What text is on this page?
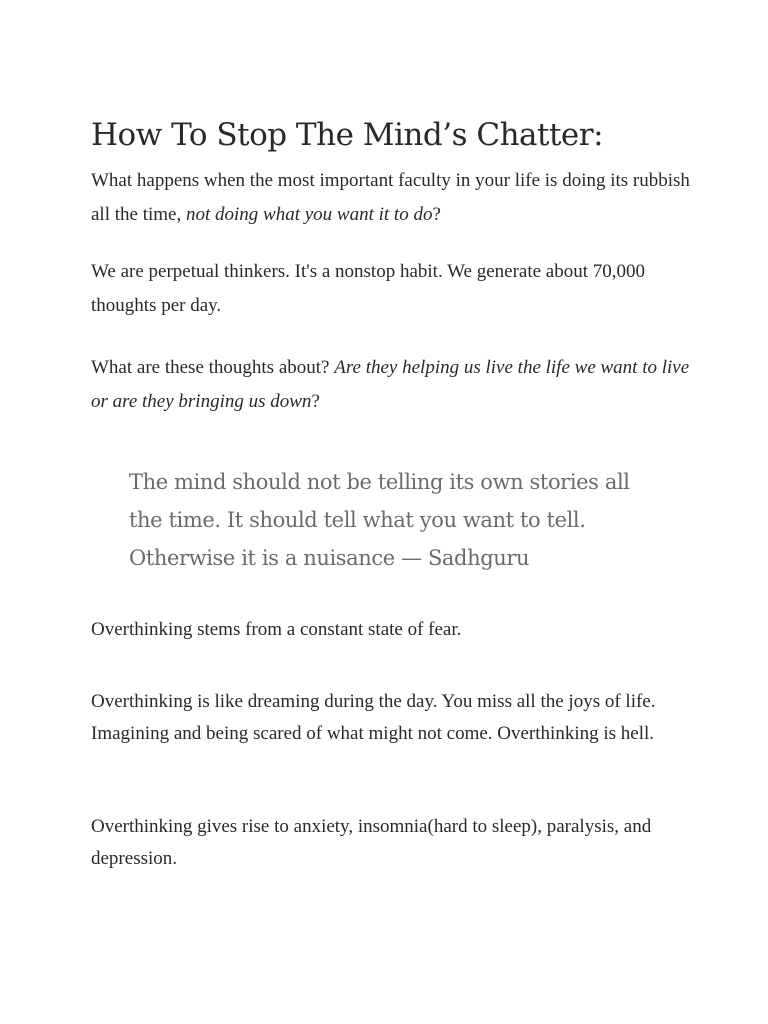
How To Stop The Mind’s Chatter:

What happens when the most important faculty in your life is doing its rubbish all the time, not doing what you want it to do?

We are perpetual thinkers. It's a nonstop habit. We generate about 70,000 thoughts per day.

What are these thoughts about? Are they helping us live the life we want to live or are they bringing us down?

The mind should not be telling its own stories all
the time. It should tell what you want to tell.
Otherwise it is a nuisance — Sadhguru

Overthinking stems from a constant state of fear.

Overthinking is like dreaming during the day. You miss all the joys of life. Imagining and being scared of what might not come. Overthinking is hell.

Overthinking gives rise to anxiety, insomnia(hard to sleep), paralysis, and depression.
